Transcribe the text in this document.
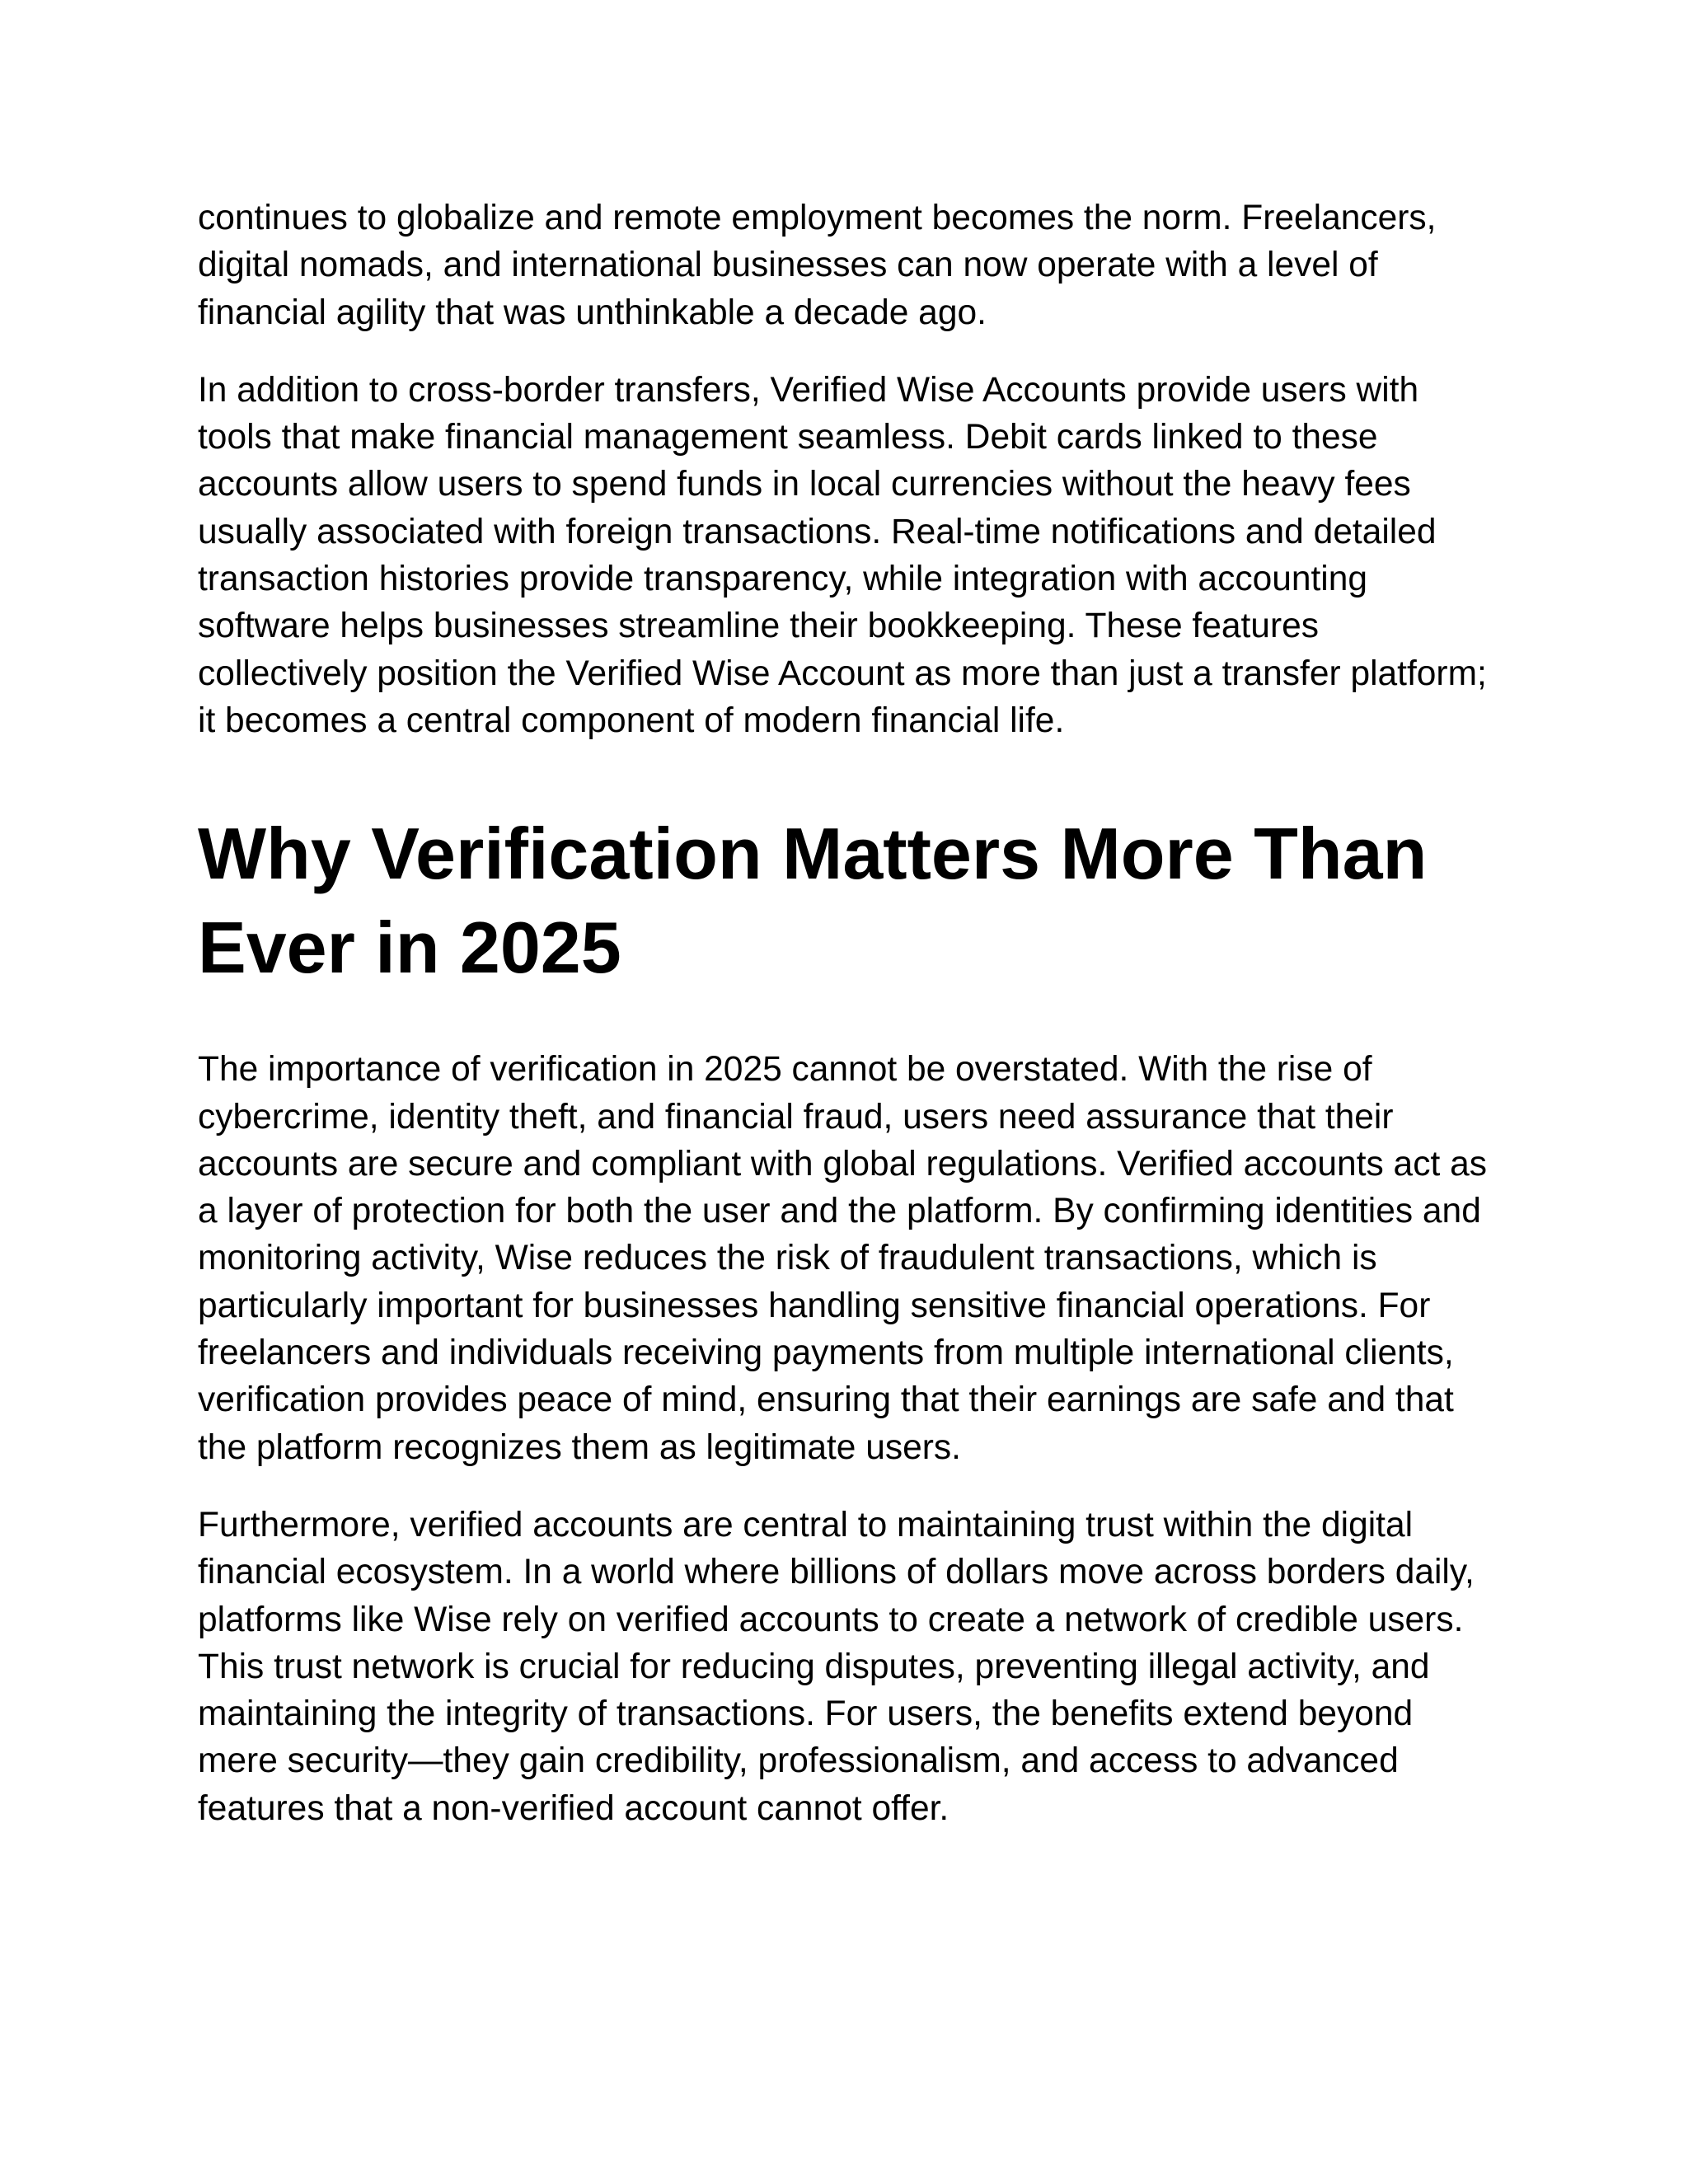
continues to globalize and remote employment becomes the norm. Freelancers, digital nomads, and international businesses can now operate with a level of financial agility that was unthinkable a decade ago.

In addition to cross-border transfers, Verified Wise Accounts provide users with tools that make financial management seamless. Debit cards linked to these accounts allow users to spend funds in local currencies without the heavy fees usually associated with foreign transactions. Real-time notifications and detailed transaction histories provide transparency, while integration with accounting software helps businesses streamline their bookkeeping. These features collectively position the Verified Wise Account as more than just a transfer platform; it becomes a central component of modern financial life.

Why Verification Matters More Than Ever in 2025

The importance of verification in 2025 cannot be overstated. With the rise of cybercrime, identity theft, and financial fraud, users need assurance that their accounts are secure and compliant with global regulations. Verified accounts act as a layer of protection for both the user and the platform. By confirming identities and monitoring activity, Wise reduces the risk of fraudulent transactions, which is particularly important for businesses handling sensitive financial operations. For freelancers and individuals receiving payments from multiple international clients, verification provides peace of mind, ensuring that their earnings are safe and that the platform recognizes them as legitimate users.

Furthermore, verified accounts are central to maintaining trust within the digital financial ecosystem. In a world where billions of dollars move across borders daily, platforms like Wise rely on verified accounts to create a network of credible users. This trust network is crucial for reducing disputes, preventing illegal activity, and maintaining the integrity of transactions. For users, the benefits extend beyond mere security—they gain credibility, professionalism, and access to advanced features that a non-verified account cannot offer.
